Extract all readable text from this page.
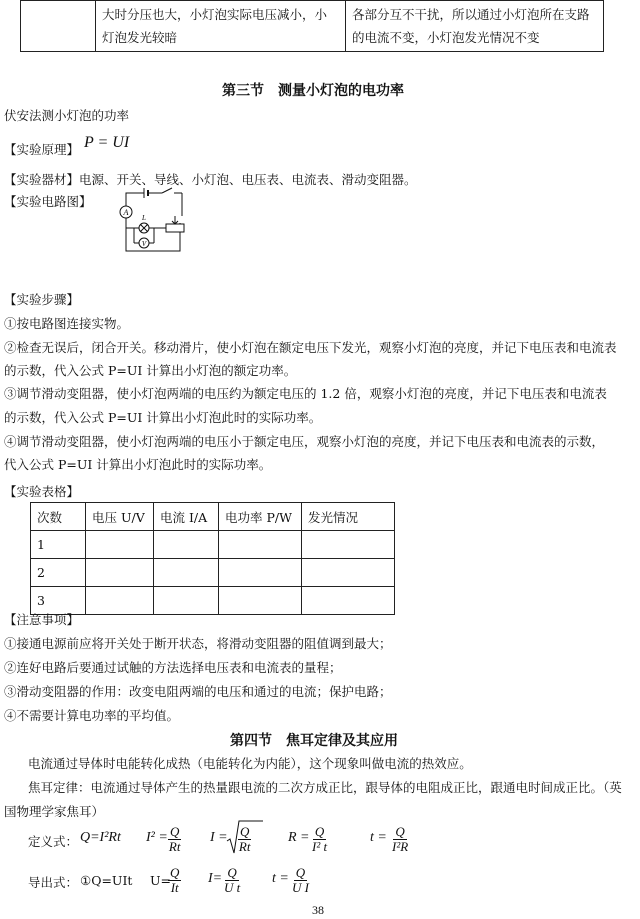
	大时分压也大，小灯泡实际电压减小，小灯泡发光较暗	各部分互不干扰，所以通过小灯泡所在支路的电流不变，小灯泡发光情况不变
第三节　测量小灯泡的电功率
伏安法测小灯泡的功率
【实验原理】 P = UI
【实验器材】电源、开关、导线、小灯泡、电压表、电流表、滑动变阻器。
【实验电路图】
A
L
V
【实验步骤】
①按电路图连接实物。
②检查无误后，闭合开关。移动滑片，使小灯泡在额定电压下发光，观察小灯泡的亮度，并记下电压表和电流表
的示数，代入公式 P=UI 计算出小灯泡的额定功率。
③调节滑动变阻器，使小灯泡两端的电压约为额定电压的 1.2 倍，观察小灯泡的亮度，并记下电压表和电流表
的示数，代入公式 P=UI 计算出小灯泡此时的实际功率。
④调节滑动变阻器，使小灯泡两端的电压小于额定电压，观察小灯泡的亮度，并记下电压表和电流表的示数，
代入公式 P=UI 计算出小灯泡此时的实际功率。
【实验表格】
次数	电压 U/V	电流 I/A	电功率 P/W	发光情况
1				
2				
3				
【注意事项】
①接通电源前应将开关处于断开状态，将滑动变阻器的阻值调到最大；
②连好电路后要通过试触的方法选择电压表和电流表的量程；
③滑动变阻器的作用：改变电阻两端的电压和通过的电流；保护电路；
④不需要计算电功率的平均值。
第四节　焦耳定律及其应用
电流通过导体时电能转化成热（电能转化为内能），这个现象叫做电流的热效应。
焦耳定律：电流通过导体产生的热量跟电流的二次方成正比，跟导体的电阻成正比，跟通电时间成正比。（英
国物理学家焦耳）
定义式： Q=I²Rt $I^2 = \frac{Q}{Rt}$ $I = \frac{Q}{Rt}$	$R = \frac{Q}{\text{I² t}}$	$t = \frac{Q}{\text{I²R}}$
导出式： ①Q=UIt U=
$\frac{Q}{It} I= \frac{Q}{\text{U t}}$ $t = \frac{Q}{\text{U I}}$
38
